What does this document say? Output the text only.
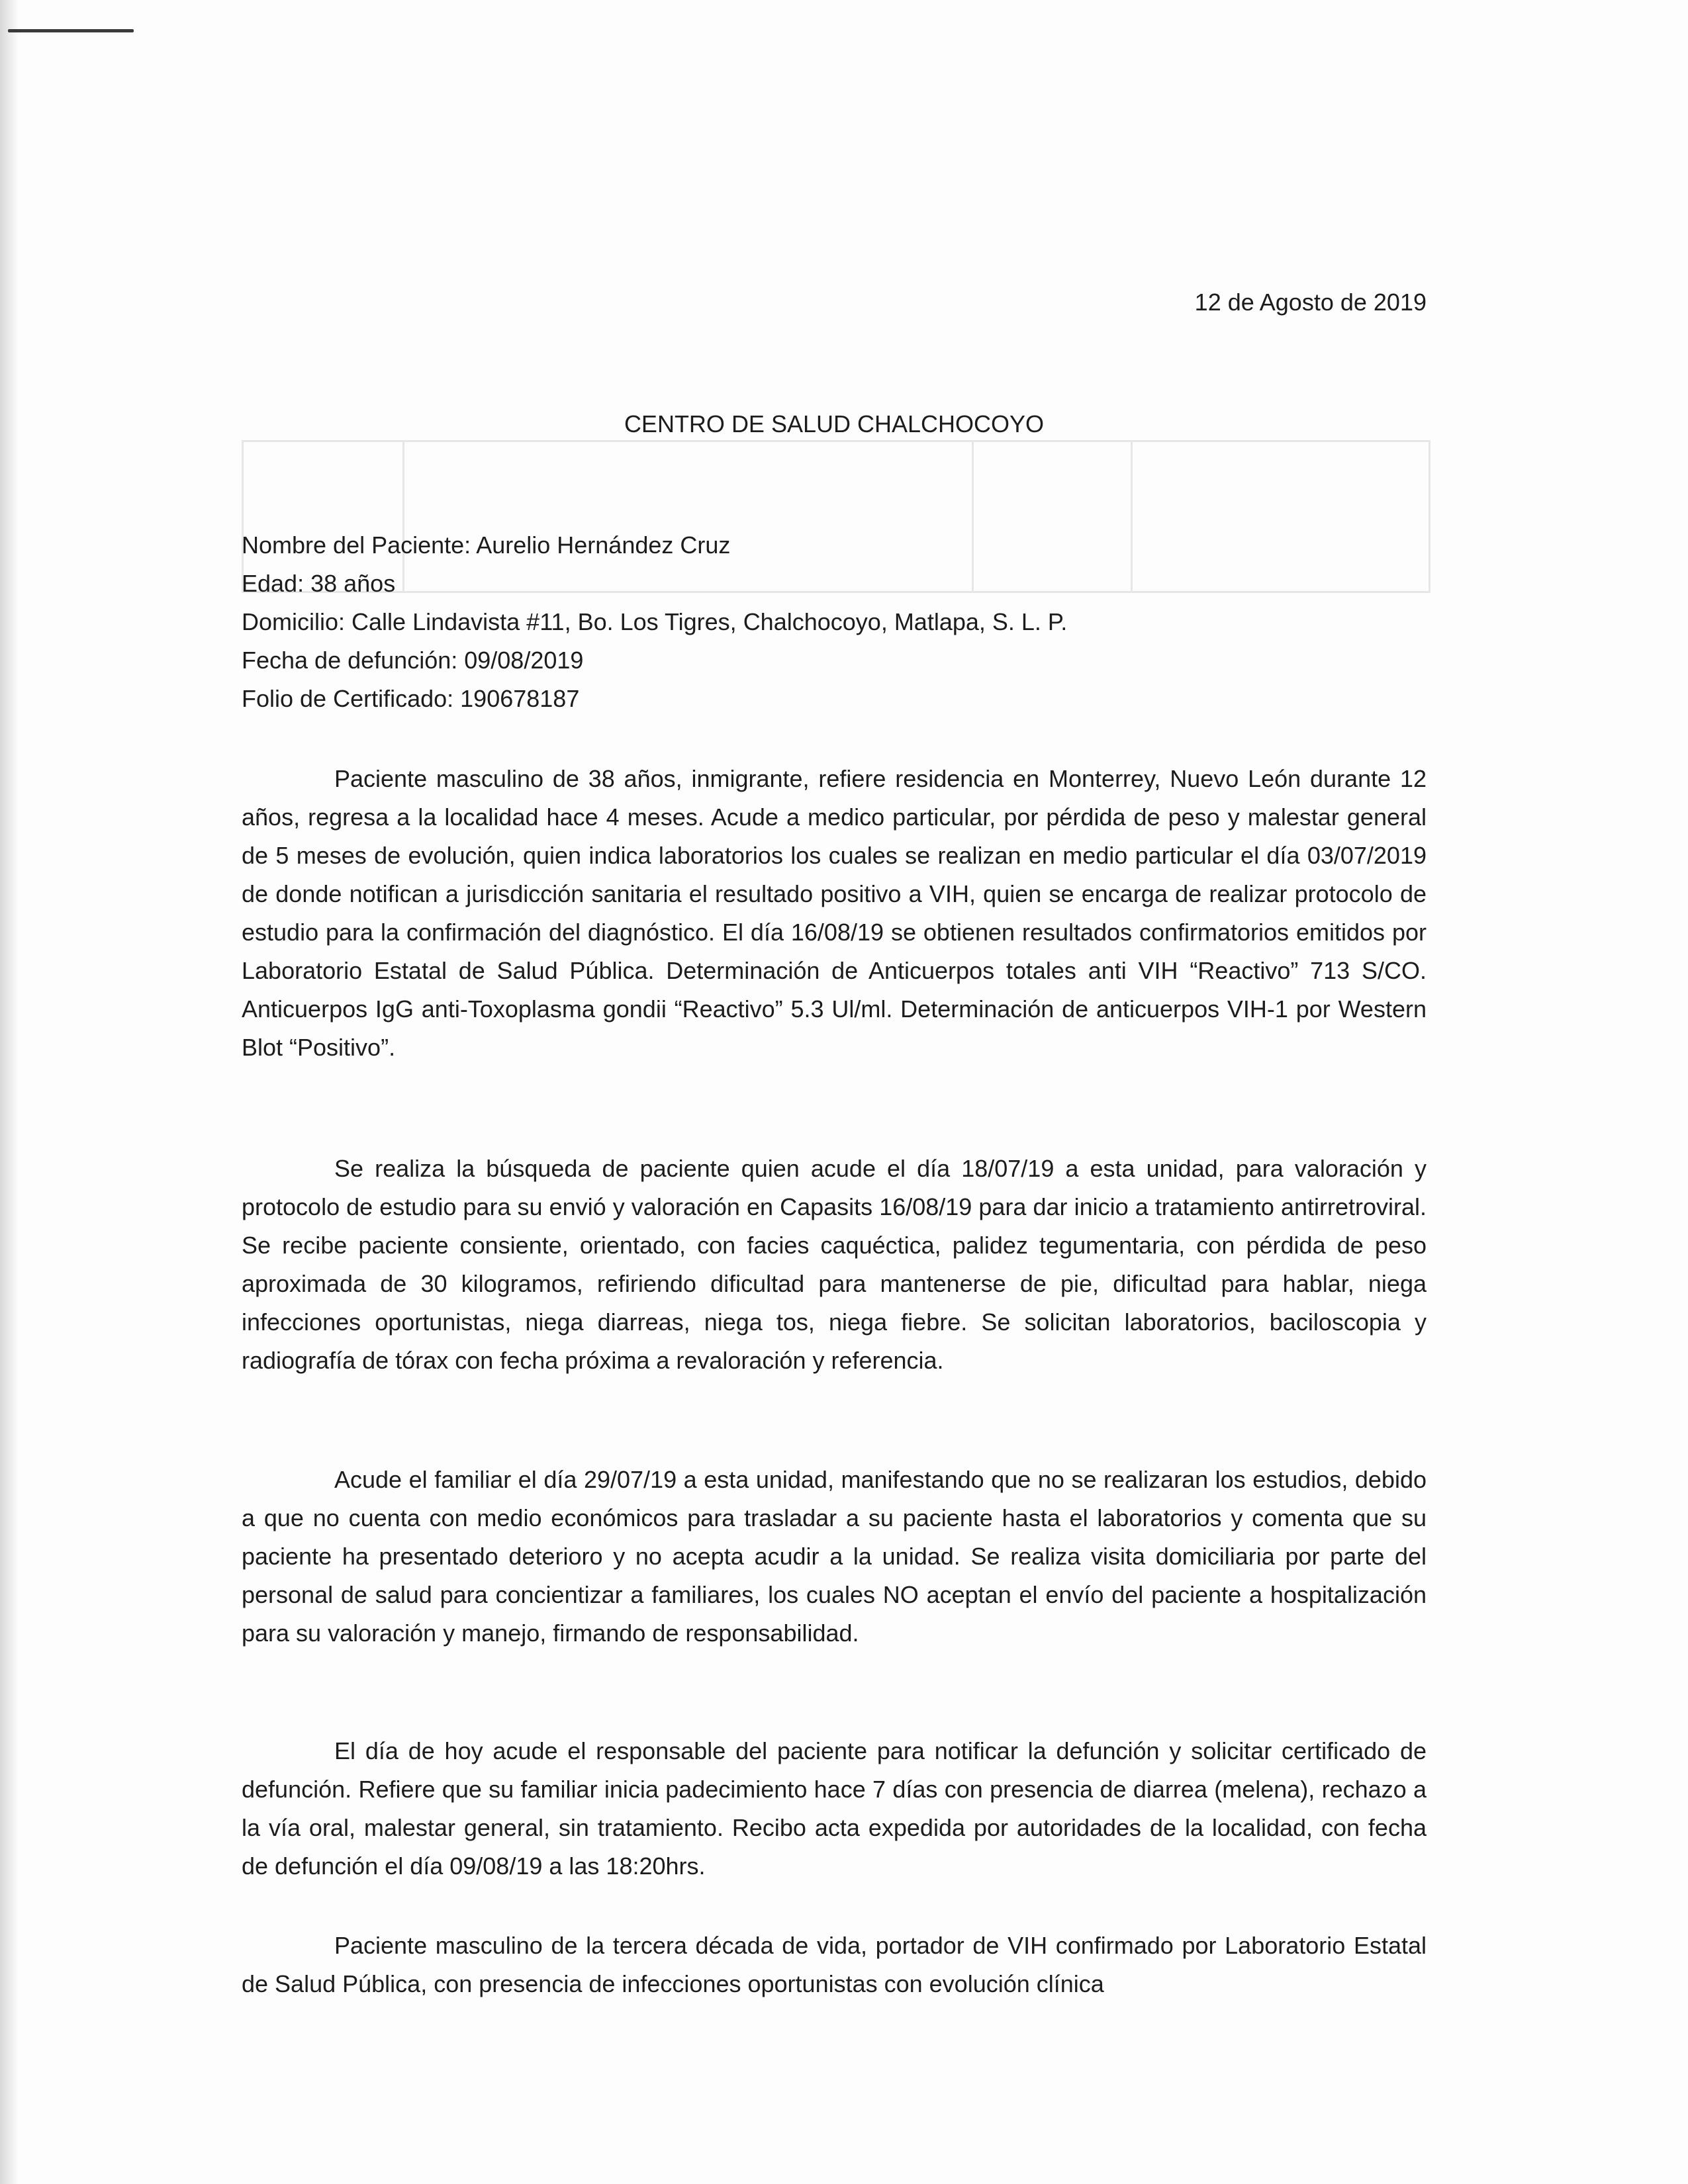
12 de Agosto de 2019
CENTRO DE SALUD CHALCHOCOYO
Nombre del Paciente: Aurelio Hernández Cruz
Edad: 38 años
Domicilio: Calle Lindavista #11, Bo. Los Tigres, Chalchocoyo, Matlapa, S. L. P.
Fecha de defunción: 09/08/2019
Folio de Certificado: 190678187

Paciente masculino de 38 años, inmigrante, refiere residencia en Monterrey, Nuevo León durante 12 años, regresa a la localidad hace 4 meses. Acude a medico particular, por pérdida de peso y malestar general de 5 meses de evolución, quien indica laboratorios los cuales se realizan en medio particular el día 03/07/2019 de donde notifican a jurisdicción sanitaria el resultado positivo a VIH, quien se encarga de realizar protocolo de estudio para la confirmación del diagnóstico. El día 16/08/19 se obtienen resultados confirmatorios emitidos por Laboratorio Estatal de Salud Pública. Determinación de Anticuerpos totales anti VIH “Reactivo” 713 S/CO. Anticuerpos IgG anti-Toxoplasma gondii “Reactivo” 5.3 Ul/ml. Determinación de anticuerpos VIH-1 por Western Blot “Positivo”.

Se realiza la búsqueda de paciente quien acude el día 18/07/19 a esta unidad, para valoración y protocolo de estudio para su envió y valoración en Capasits 16/08/19 para dar inicio a tratamiento antirretroviral. Se recibe paciente consiente, orientado, con facies caquéctica, palidez tegumentaria, con pérdida de peso aproximada de 30 kilogramos, refiriendo dificultad para mantenerse de pie, dificultad para hablar, niega infecciones oportunistas, niega diarreas, niega tos, niega fiebre. Se solicitan laboratorios, baciloscopia y radiografía de tórax con fecha próxima a revaloración y referencia.

Acude el familiar el día 29/07/19 a esta unidad, manifestando que no se realizaran los estudios, debido a que no cuenta con medio económicos para trasladar a su paciente hasta el laboratorios y comenta que su paciente ha presentado deterioro y no acepta acudir a la unidad. Se realiza visita domiciliaria por parte del personal de salud para concientizar a familiares, los cuales NO aceptan el envío del paciente a hospitalización para su valoración y manejo, firmando de responsabilidad.

El día de hoy acude el responsable del paciente para notificar la defunción y solicitar certificado de defunción. Refiere que su familiar inicia padecimiento hace 7 días con presencia de diarrea (melena), rechazo a la vía oral, malestar general, sin tratamiento. Recibo acta expedida por autoridades de la localidad, con fecha de defunción el día 09/08/19 a las 18:20hrs.

Paciente masculino de la tercera década de vida, portador de VIH confirmado por Laboratorio Estatal de Salud Pública, con presencia de infecciones oportunistas con evolución clínica
